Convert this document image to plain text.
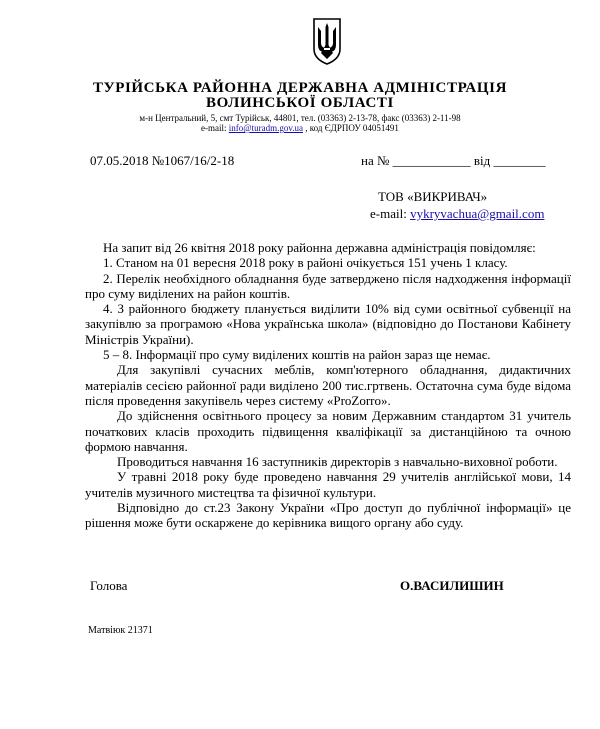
ТУРІЙСЬКА РАЙОННА ДЕРЖАВНА АДМІНІСТРАЦІЯ
ВОЛИНСЬКОЇ ОБЛАСТІ
м-н Центральний, 5, смт Турійськ, 44801, тел. (03363) 2-13-78, факс (03363) 2-11-98
e-mail: info@turadm.gov.ua , код ЄДРПОУ 04051491
07.05.2018 №1067/16/2-18	на № ____________ від ________
ТОВ «ВИКРИВАЧ»
e-mail: vykryvachua@gmail.com

На запит від 26 квітня 2018 року районна державна адміністрація повідомляє:

1. Станом на 01 вересня 2018 року в районі очікується 151 учень 1 класу.

2. Перелік необхідного обладнання буде затверджено після надходження інформації про суму виділених на район коштів.

4. З районного бюджету планується виділити 10% від суми освітньої субвенції на закупівлю за програмою «Нова українська школа» (відповідно до Постанови Кабінету Міністрів України).

5 – 8. Інформації про суму виділених коштів на район зараз ще немає.

Для закупівлі сучасних меблів, комп'ютерного обладнання, дидактичних матеріалів сесією районної ради виділено 200 тис.гртвень. Остаточна сума буде відома після проведення закупівель через систему «ProZorro».

До здійснення освітнього процесу за новим Державним стандартом 31 учитель початкових класів проходить підвищення кваліфікації за дистанційною та очною формою навчання.

Проводиться навчання 16 заступників директорів з навчально-виховної роботи.

У травні 2018 року буде проведено навчання 29 учителів англійської мови, 14 учителів музичного мистецтва та фізичної культури.

Відповідно до ст.23 Закону України «Про доступ до публічної інформації» це рішення може бути оскаржене до керівника вищого органу або суду.

Голова	О.ВАСИЛИШИН
Матвіюк 21371
